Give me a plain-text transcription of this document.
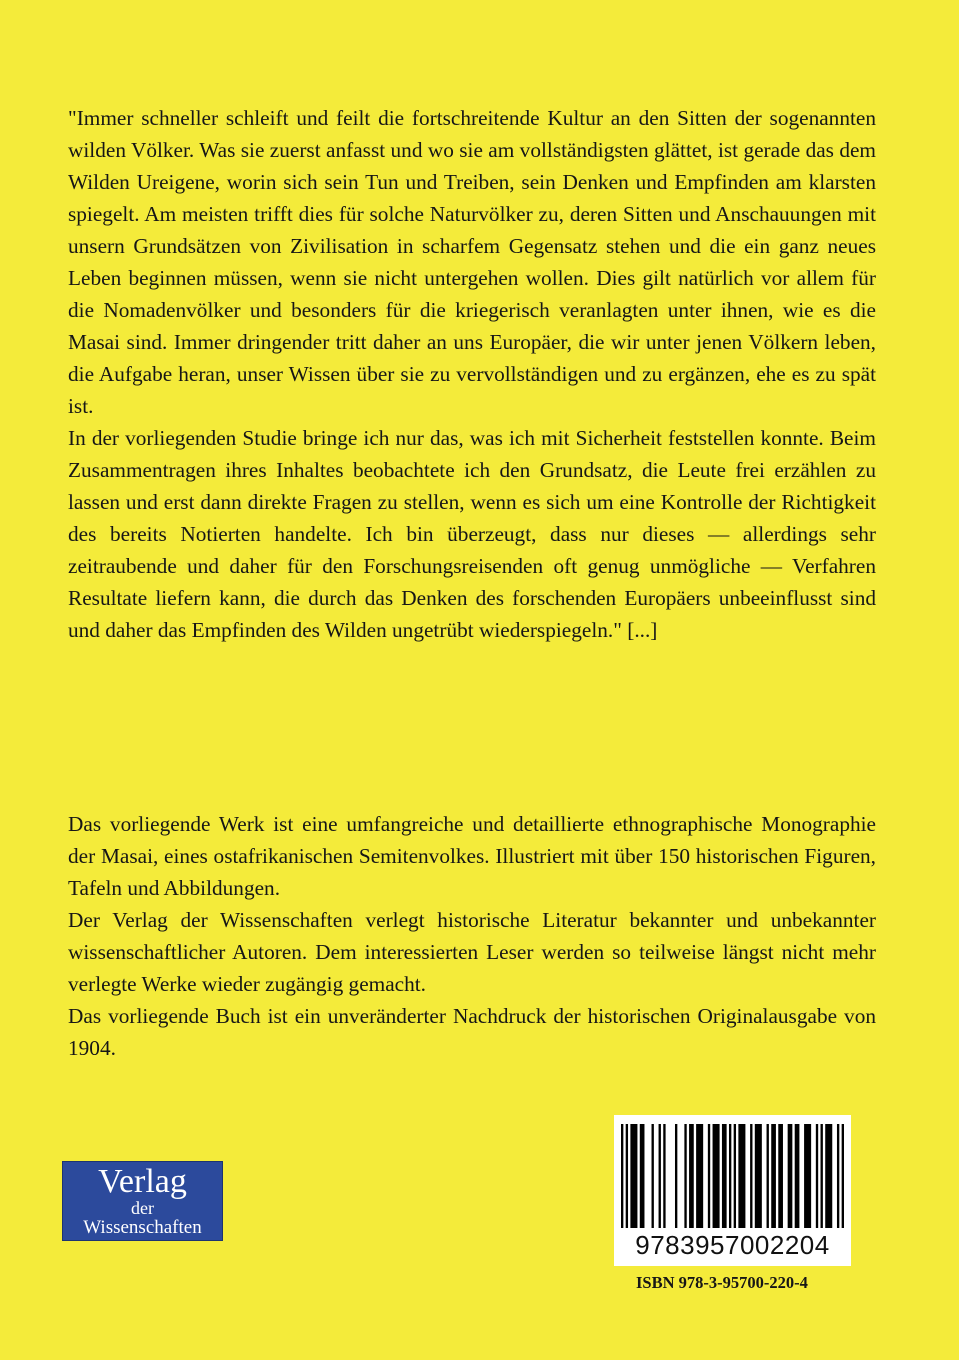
"Immer schneller schleift und feilt die fortschreitende Kultur an den Sitten der sogenannten wilden Völker. Was sie zuerst anfasst und wo sie am vollständigsten glättet, ist gerade das dem Wilden Ureigene, worin sich sein Tun und Treiben, sein Denken und Empfinden am klarsten spiegelt. Am meisten trifft dies für solche Naturvölker zu, deren Sitten und Anschauungen mit unsern Grundsätzen von Zivilisation in scharfem Gegensatz stehen und die ein ganz neues Leben beginnen müssen, wenn sie nicht untergehen wollen. Dies gilt natürlich vor allem für die Nomadenvölker und besonders für die kriegerisch veranlagten unter ihnen, wie es die Masai sind. Immer dringender tritt daher an uns Europäer, die wir unter jenen Völkern leben, die Aufgabe heran, unser Wissen über sie zu vervollständigen und zu ergänzen, ehe es zu spät ist.

In der vorliegenden Studie bringe ich nur das, was ich mit Sicherheit feststellen konnte. Beim Zusammentragen ihres Inhaltes beobachtete ich den Grundsatz, die Leute frei erzählen zu lassen und erst dann direkte Fragen zu stellen, wenn es sich um eine Kontrolle der Richtigkeit des bereits Notierten handelte. Ich bin überzeugt, dass nur dieses — allerdings sehr zeitraubende und daher für den Forschungsreisenden oft genug unmögliche — Verfahren Resultate liefern kann, die durch das Denken des forschenden Europäers unbeeinflusst sind und daher das Empfinden des Wilden ungetrübt wiederspiegeln." [...]

Das vorliegende Werk ist eine umfangreiche und detaillierte ethnographische Monographie der Masai, eines ostafrikanischen Semitenvolkes. Illustriert mit über 150 historischen Figuren, Tafeln und Abbildungen.

Der Verlag der Wissenschaften verlegt historische Literatur bekannter und unbekannter wissenschaftlicher Autoren. Dem interessierten Leser werden so teilweise längst nicht mehr verlegte Werke wieder zugängig gemacht.

Das vorliegende Buch ist ein unveränderter Nachdruck der historischen Originalausgabe von 1904.

Verlag
der
Wissenschaften
9783957002204
ISBN 978-3-95700-220-4
